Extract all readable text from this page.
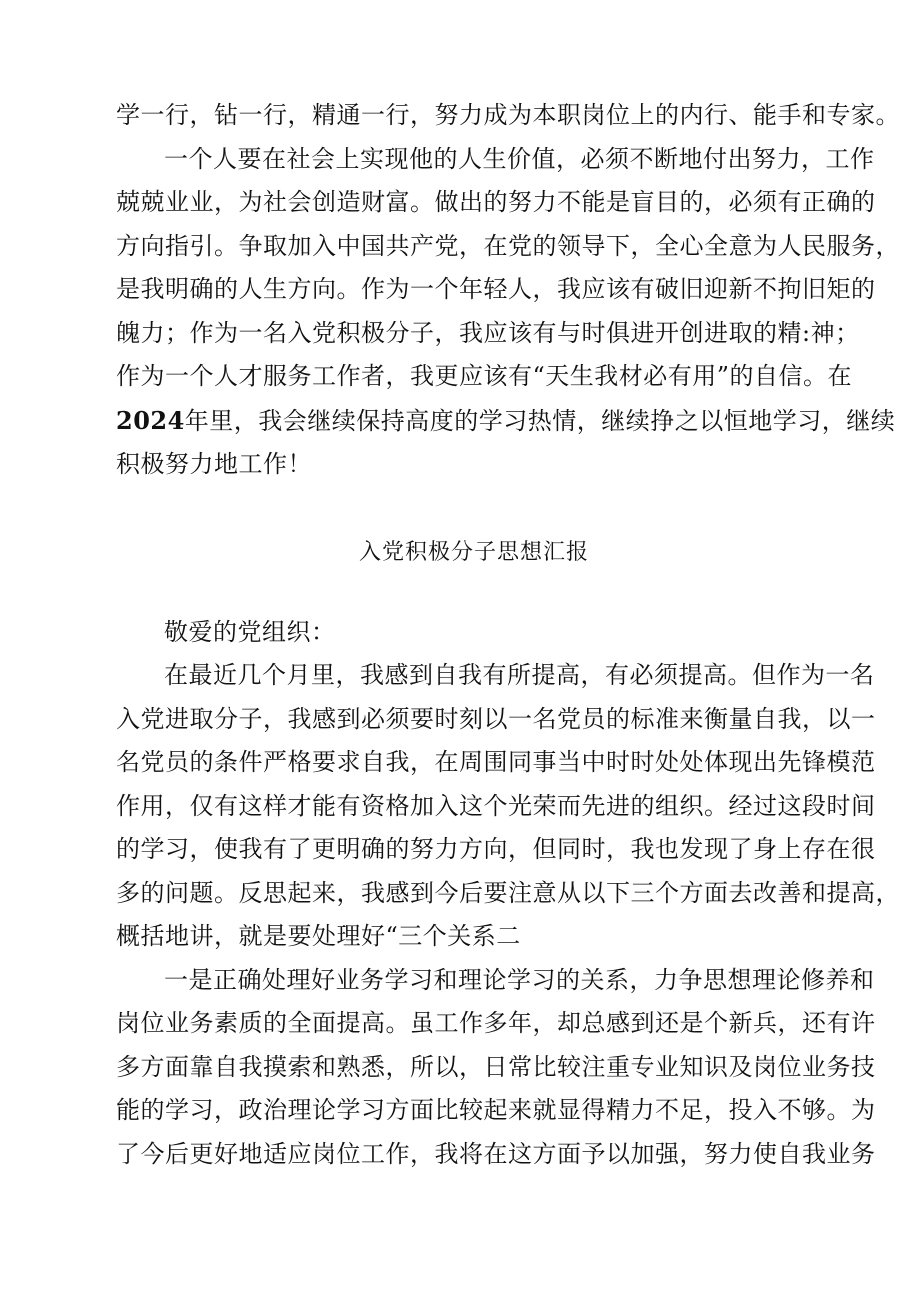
学一行，钻一行，精通一行，努力成为本职岗位上的内行、能手和专家。

一个人要在社会上实现他的人生价值，必须不断地付出努力，工作
兢兢业业，为社会创造财富。做出的努力不能是盲目的，必须有正确的
方向指引。争取加入中国共产党，在党的领导下，全心全意为人民服务，
是我明确的人生方向。作为一个年轻人，我应该有破旧迎新不拘旧矩的
魄力；作为一名入党积极分子，我应该有与时俱进开创进取的精:神；
作为一个人才服务工作者，我更应该有“天生我材必有用”的自信。在
2024年里，我会继续保持高度的学习热情，继续挣之以恒地学习，继续
积极努力地工作！

入党积极分子思想汇报

敬爱的党组织：

在最近几个月里，我感到自我有所提高，有必须提高。但作为一名
入党进取分子，我感到必须要时刻以一名党员的标准来衡量自我，以一
名党员的条件严格要求自我，在周围同事当中时时处处体现出先锋模范
作用，仅有这样才能有资格加入这个光荣而先进的组织。经过这段时间
的学习，使我有了更明确的努力方向，但同时，我也发现了身上存在很
多的问题。反思起来，我感到今后要注意从以下三个方面去改善和提高，
概括地讲，就是要处理好“三个关系二

一是正确处理好业务学习和理论学习的关系，力争思想理论修养和
岗位业务素质的全面提高。虽工作多年，却总感到还是个新兵，还有许
多方面靠自我摸索和熟悉，所以，日常比较注重专业知识及岗位业务技
能的学习，政治理论学习方面比较起来就显得精力不足，投入不够。为
了今后更好地适应岗位工作，我将在这方面予以加强，努力使自我业务
